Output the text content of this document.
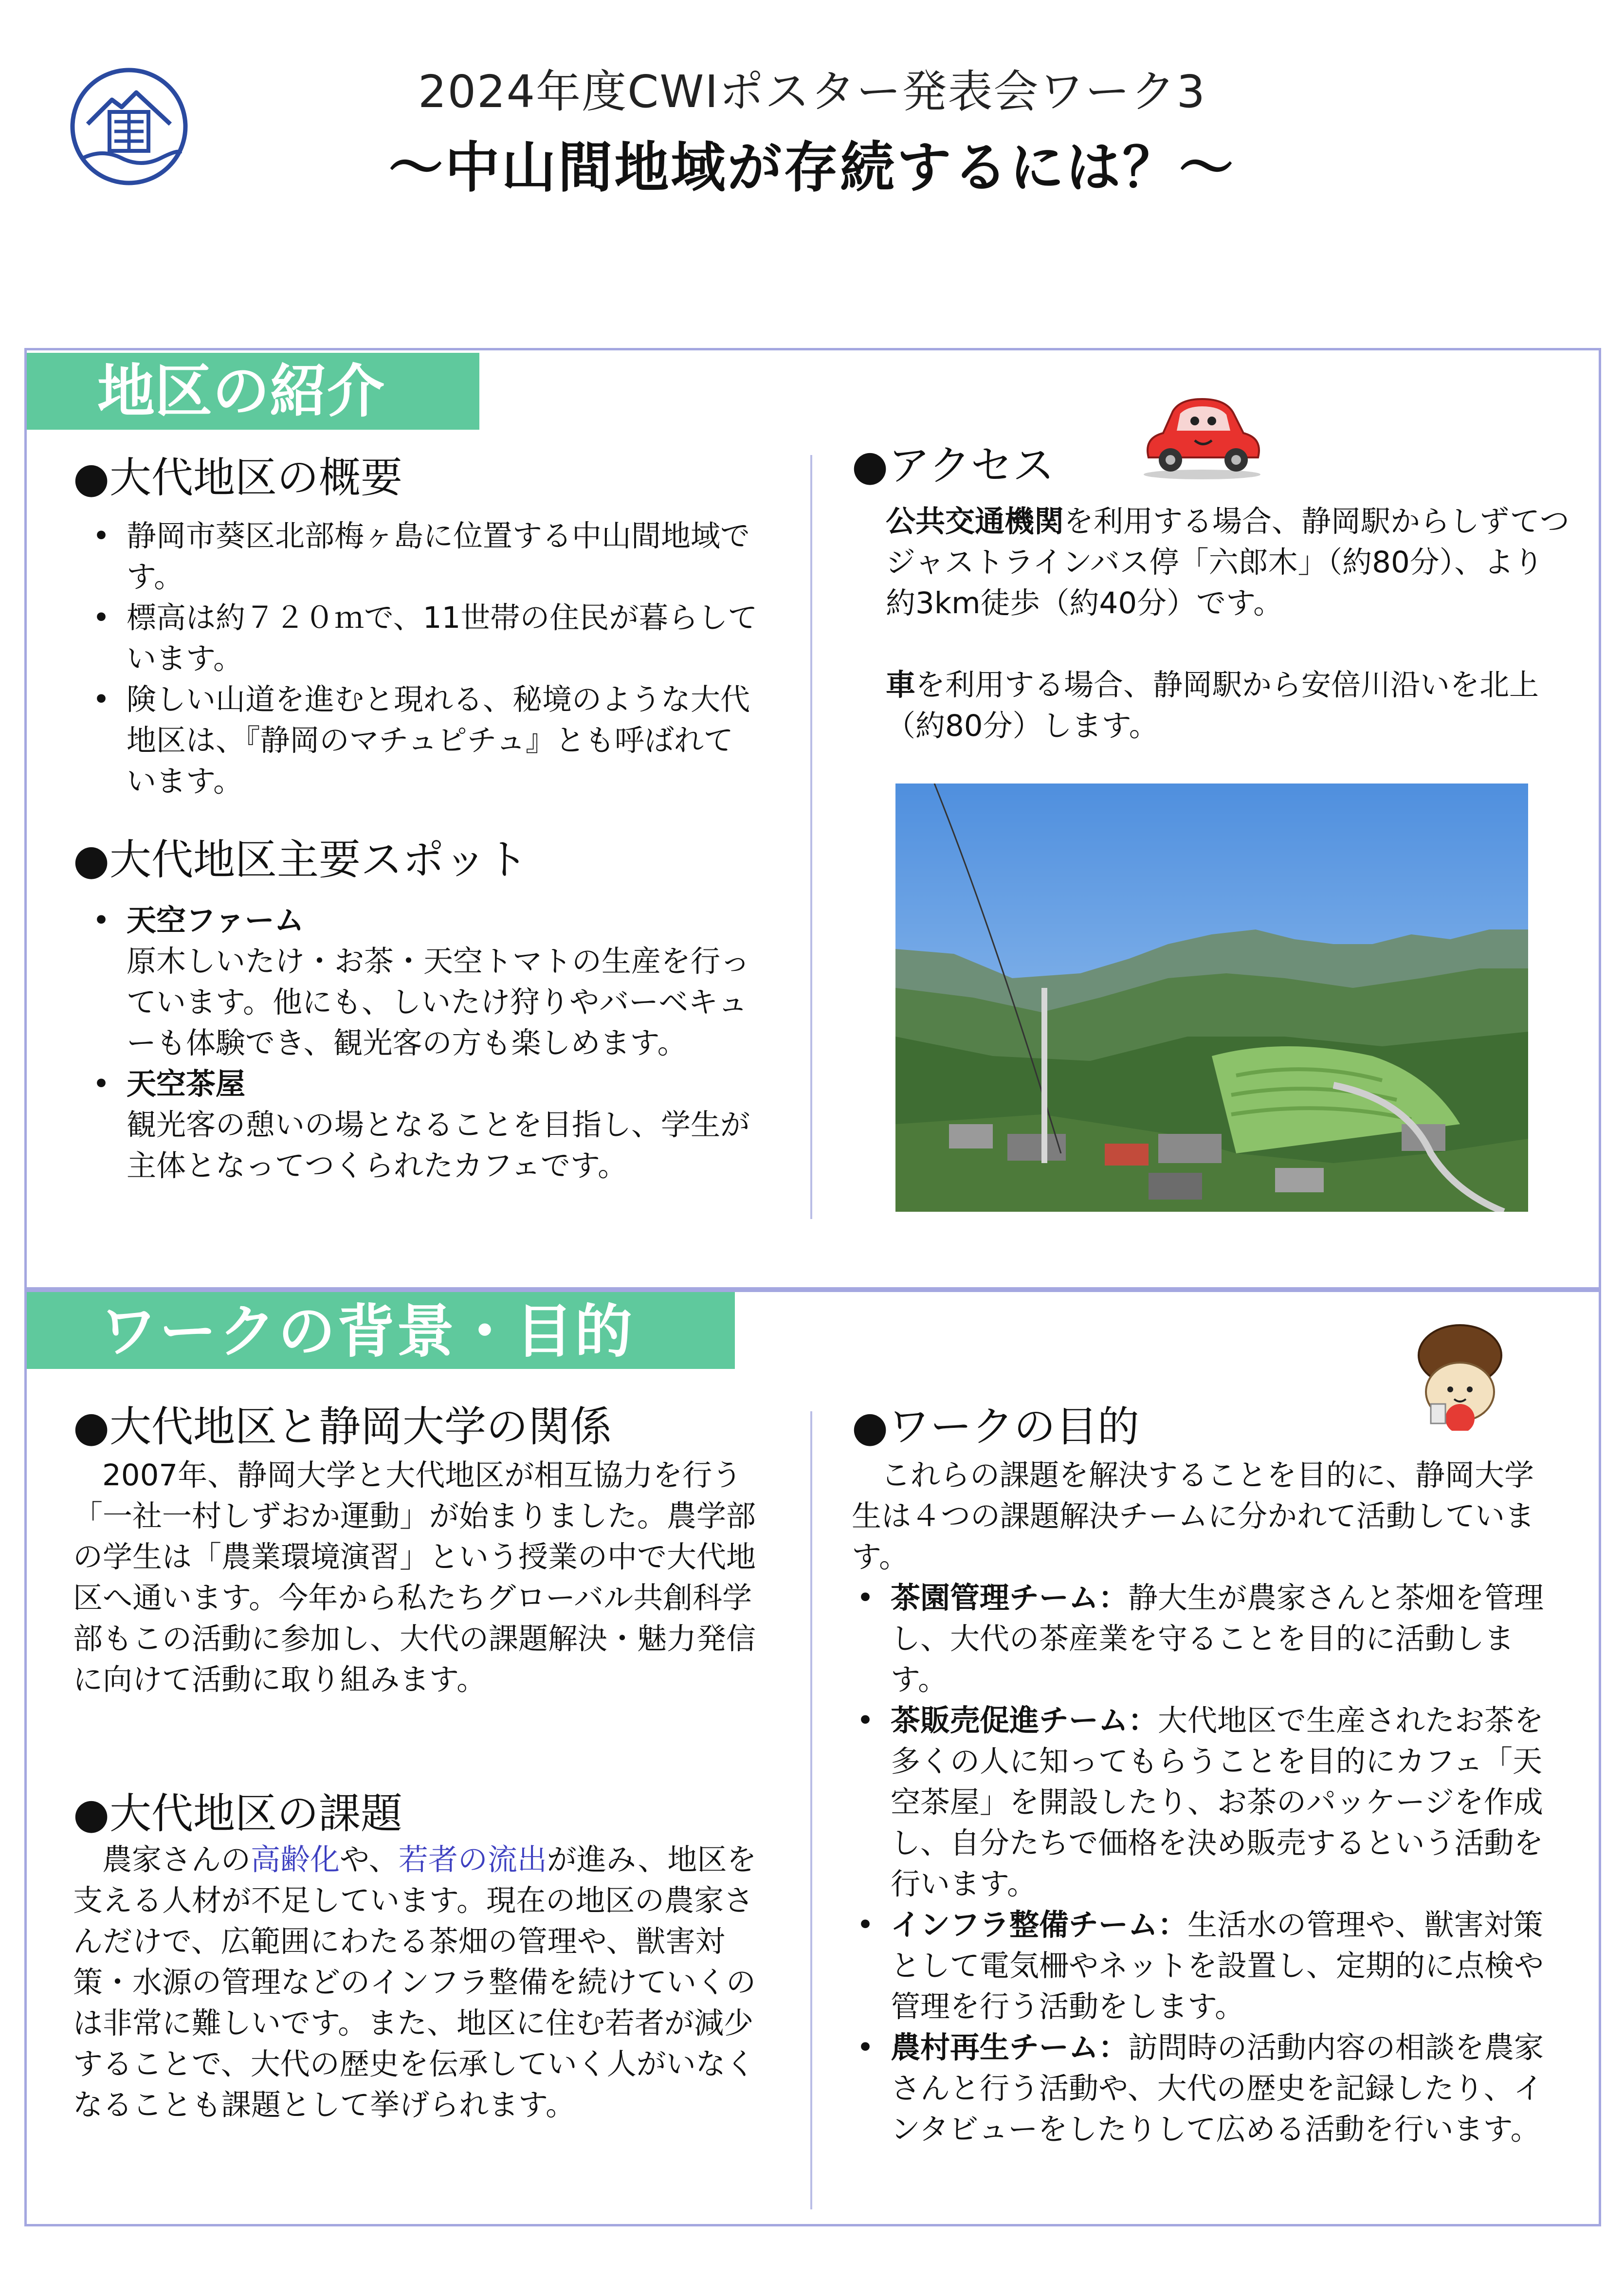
2024年度CWⅠポスター発表会ワーク3
〜中山間地域が存続するには？〜
地区の紹介
ワークの背景・目的
●大代地区の概要
• 静岡市葵区北部梅ヶ島に位置する中山間地域です。
• 標高は約７２０ｍで、11世帯の住民が暮らしています。
• 険しい山道を進むと現れる、秘境のような大代地区は、『静岡のマチュピチュ』とも呼ばれています。
●大代地区主要スポット
• 天空ファーム
原木しいたけ・お茶・天空トマトの生産を行っています。他にも、しいたけ狩りやバーベキューも体験でき、観光客の方も楽しめます。
• 天空茶屋
観光客の憩いの場となることを目指し、学生が主体となってつくられたカフェです。
●アクセス
公共交通機関を利用する場合、静岡駅からしずてつジャストラインバス停「六郎木」（約80分）、より約3km徒歩（約40分）です。
車を利用する場合、静岡駅から安倍川沿いを北上（約80分）します。
●大代地区と静岡大学の関係
2007年、静岡大学と大代地区が相互協力を行う「一社一村しずおか運動」が始まりました。農学部の学生は「農業環境演習」という授業の中で大代地区へ通います。今年から私たちグローバル共創科学部もこの活動に参加し、大代の課題解決・魅力発信に向けて活動に取り組みます。
●大代地区の課題
農家さんの高齢化や、若者の流出が進み、地区を支える人材が不足しています。現在の地区の農家さんだけで、広範囲にわたる茶畑の管理や、獣害対策・水源の管理などのインフラ整備を続けていくのは非常に難しいです。また、地区に住む若者が減少することで、大代の歴史を伝承していく人がいなくなることも課題として挙げられます。
●ワークの目的
これらの課題を解決することを目的に、静岡大学生は４つの課題解決チームに分かれて活動しています。
• 茶園管理チーム：静大生が農家さんと茶畑を管理し、大代の茶産業を守ることを目的に活動します。
• 茶販売促進チーム：大代地区で生産されたお茶を多くの人に知ってもらうことを目的にカフェ「天空茶屋」を開設したり、お茶のパッケージを作成し、自分たちで価格を決め販売するという活動を行います。
• インフラ整備チーム：生活水の管理や、獣害対策として電気柵やネットを設置し、定期的に点検や管理を行う活動をします。
• 農村再生チーム：訪問時の活動内容の相談を農家さんと行う活動や、大代の歴史を記録したり、インタビューをしたりして広める活動を行います。
